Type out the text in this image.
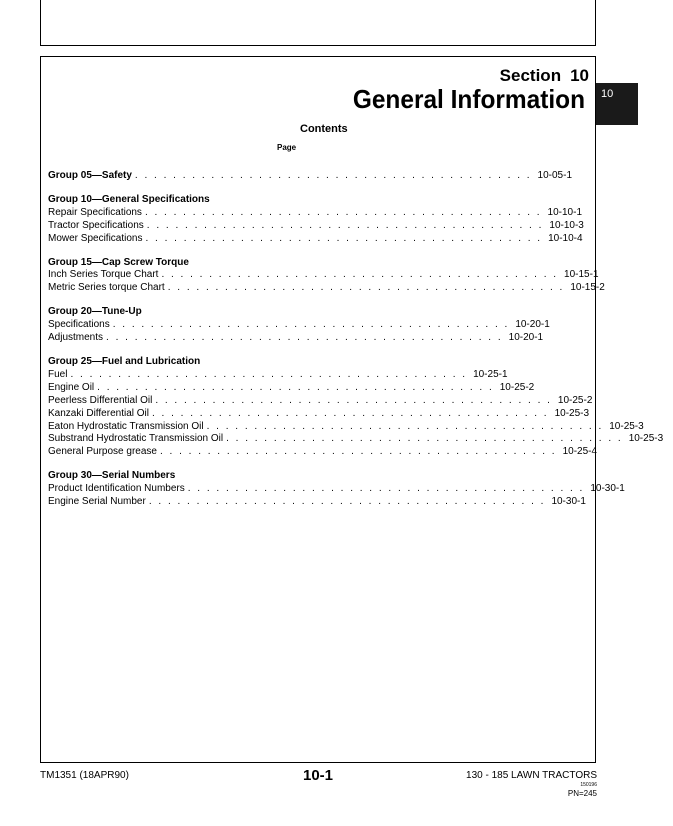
Section 10
General Information	10
Contents
Page
Group 05—Safety . . . . . . . . . . . . . . . . . . . . . . . . . . . . . . . . . . . . . . . . . . 10-05-1
Group 10—General Specifications
Repair Specifications . . . . . . . . . . . . . . . . . . . . . . . . . . . . . . . . . . . . . . . . . . 10-10-1
Tractor Specifications . . . . . . . . . . . . . . . . . . . . . . . . . . . . . . . . . . . . . . . . . . 10-10-3
Mower Specifications . . . . . . . . . . . . . . . . . . . . . . . . . . . . . . . . . . . . . . . . . . 10-10-4
Group 15—Cap Screw Torque
Inch Series Torque Chart . . . . . . . . . . . . . . . . . . . . . . . . . . . . . . . . . . . . . . . . . . 10-15-1
Metric Series torque Chart . . . . . . . . . . . . . . . . . . . . . . . . . . . . . . . . . . . . . . . . . . 10-15-2
Group 20—Tune-Up
Specifications . . . . . . . . . . . . . . . . . . . . . . . . . . . . . . . . . . . . . . . . . . 10-20-1
Adjustments . . . . . . . . . . . . . . . . . . . . . . . . . . . . . . . . . . . . . . . . . . 10-20-1
Group 25—Fuel and Lubrication
Fuel . . . . . . . . . . . . . . . . . . . . . . . . . . . . . . . . . . . . . . . . . . 10-25-1
Engine Oil . . . . . . . . . . . . . . . . . . . . . . . . . . . . . . . . . . . . . . . . . . 10-25-2
Peerless Differential Oil . . . . . . . . . . . . . . . . . . . . . . . . . . . . . . . . . . . . . . . . . . 10-25-2
Kanzaki Differential Oil . . . . . . . . . . . . . . . . . . . . . . . . . . . . . . . . . . . . . . . . . . 10-25-3
Eaton Hydrostatic Transmission Oil . . . . . . . . . . . . . . . . . . . . . . . . . . . . . . . . . . . . . . . . . . 10-25-3
Substrand Hydrostatic Transmission Oil . . . . . . . . . . . . . . . . . . . . . . . . . . . . . . . . . . . . . . . . . . 10-25-3
General Purpose grease . . . . . . . . . . . . . . . . . . . . . . . . . . . . . . . . . . . . . . . . . . 10-25-4
Group 30—Serial Numbers
Product Identification Numbers . . . . . . . . . . . . . . . . . . . . . . . . . . . . . . . . . . . . . . . . . . 10-30-1
Engine Serial Number . . . . . . . . . . . . . . . . . . . . . . . . . . . . . . . . . . . . . . . . . . 10-30-1
TM1351 (18APR90)	10-1	130 - 185 LAWN TRACTORS
150196
PN=245
